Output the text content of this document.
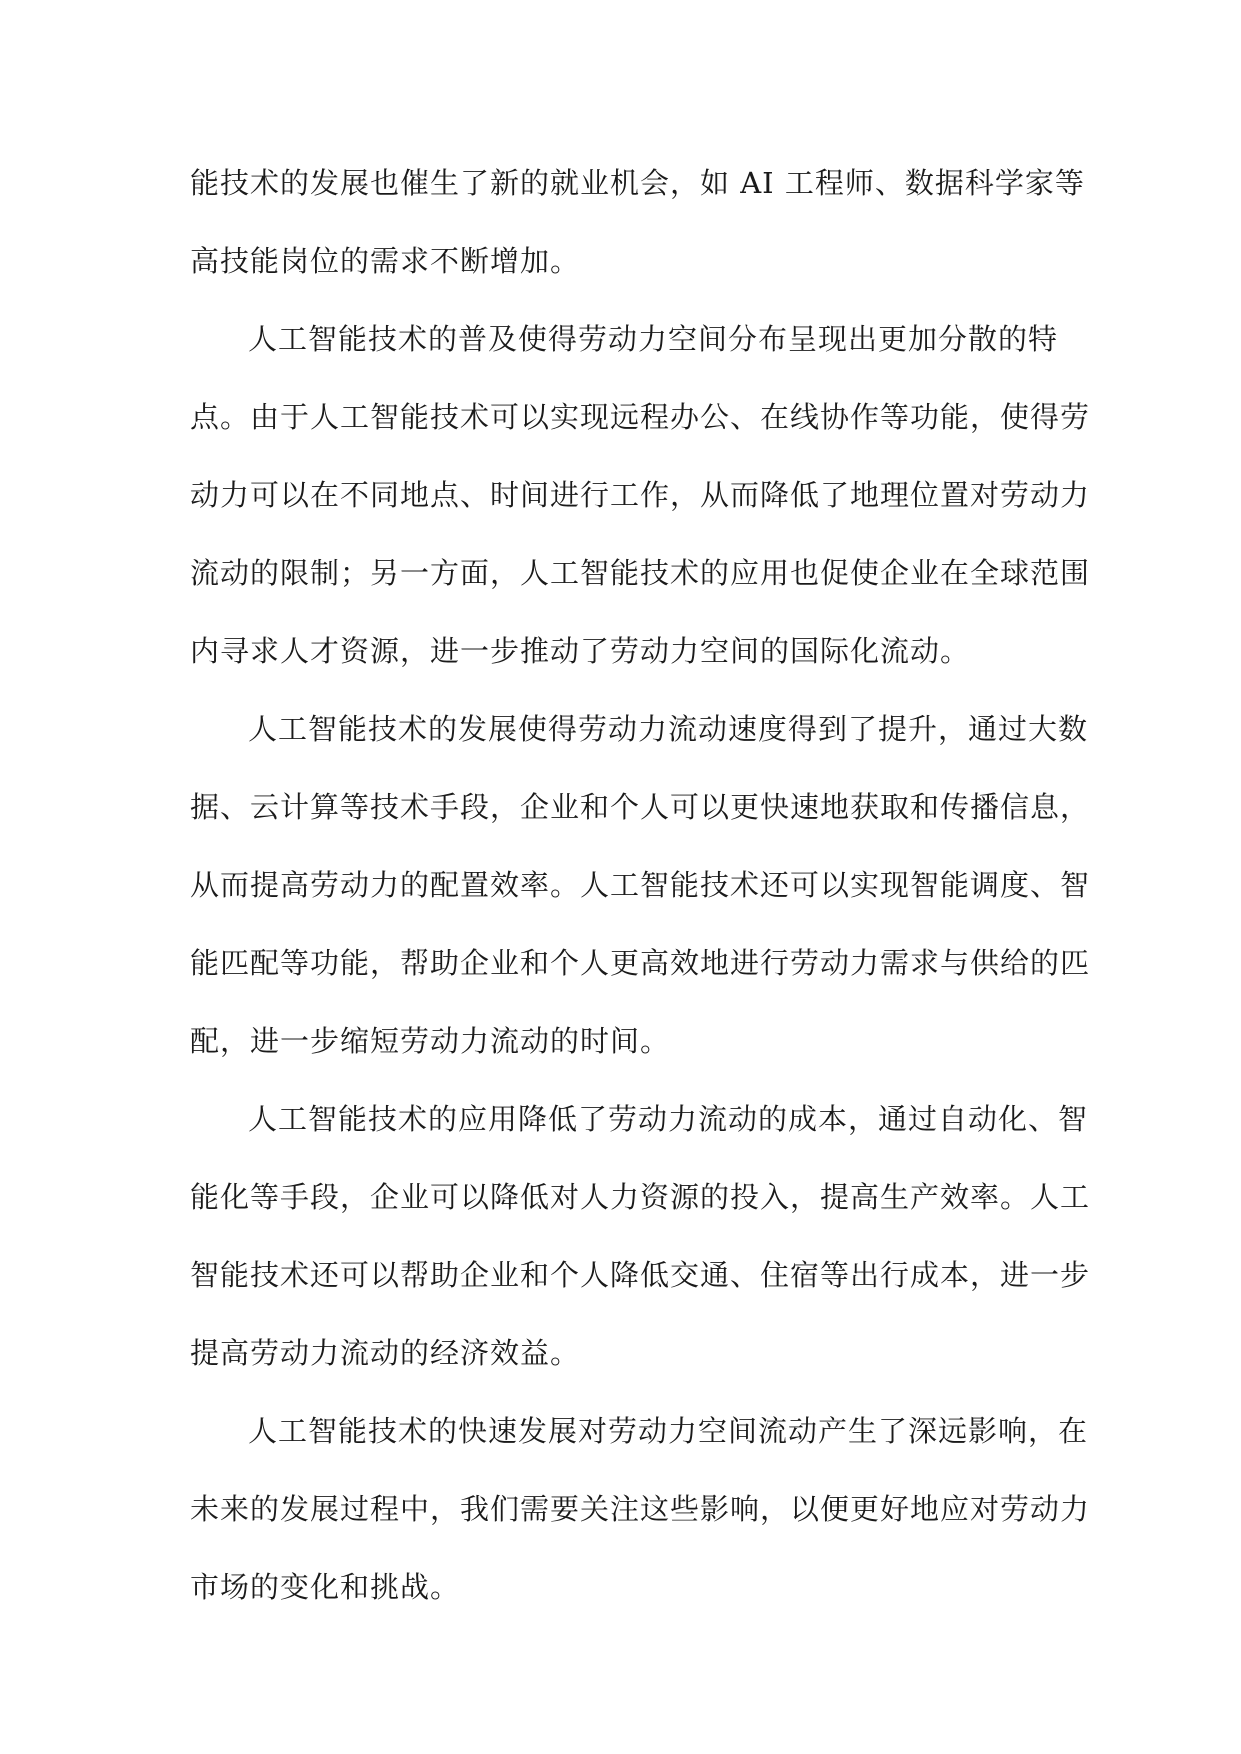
能技术的发展也催生了新的就业机会，如 AI 工程师、数据科学家等
高技能岗位的需求不断增加。

人工智能技术的普及使得劳动力空间分布呈现出更加分散的特
点。由于人工智能技术可以实现远程办公、在线协作等功能，使得劳
动力可以在不同地点、时间进行工作，从而降低了地理位置对劳动力
流动的限制；另一方面，人工智能技术的应用也促使企业在全球范围
内寻求人才资源，进一步推动了劳动力空间的国际化流动。

人工智能技术的发展使得劳动力流动速度得到了提升，通过大数
据、云计算等技术手段，企业和个人可以更快速地获取和传播信息，
从而提高劳动力的配置效率。人工智能技术还可以实现智能调度、智
能匹配等功能，帮助企业和个人更高效地进行劳动力需求与供给的匹
配，进一步缩短劳动力流动的时间。

人工智能技术的应用降低了劳动力流动的成本，通过自动化、智
能化等手段，企业可以降低对人力资源的投入，提高生产效率。人工
智能技术还可以帮助企业和个人降低交通、住宿等出行成本，进一步
提高劳动力流动的经济效益。

人工智能技术的快速发展对劳动力空间流动产生了深远影响，在
未来的发展过程中，我们需要关注这些影响，以便更好地应对劳动力
市场的变化和挑战。
